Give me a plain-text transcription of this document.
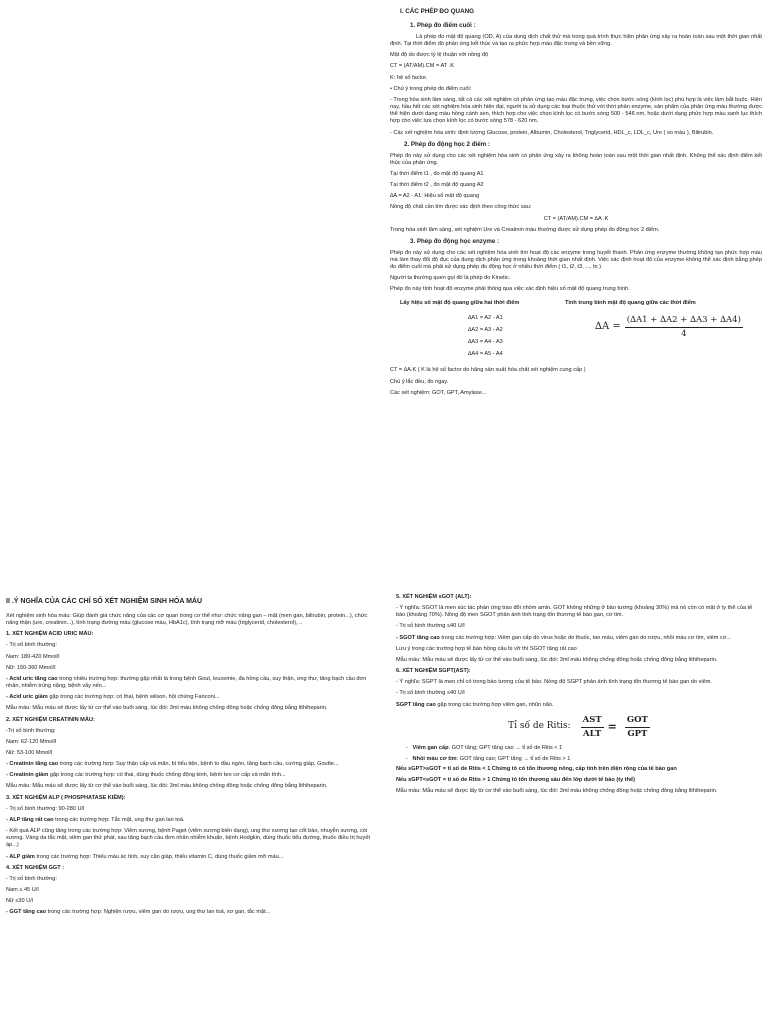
I. CÁC PHÉP ĐO QUANG
1. Phép đo điểm cuối :

Là phép đo mật độ quang (OD, A) của dung dịch chất thử mà trong quá trình thực hiện phản ứng xảy ra hoàn toàn sau một thời gian nhất định. Tại thời điểm đó phản ứng kết thúc và tạo ra phức hợp màu đặc trưng và bền vững.

Mật độ do được tỷ lệ thuận với nồng độ

CT = (AT/AM).CM = AT .K

K: hệ số factor.

• Chú ý trong phép đo điểm cuối:

- Trong hóa sinh lâm sàng, tất cả các xét nghiệm có phản ứng tạo màu đặc trưng, việc chọn bước sóng (kính lọc) phù hợp là việc làm bắt buộc. Hiện nay, hầu hết các xét nghiệm hóa sinh hiện đại, người ta sử dụng các loại thuốc thử với thời phản enzyme, sản phẩm của phản ứng màu thường được thể hiện dưới dạng màu hồng cánh sen, thích hợp cho việc chọn kính lọc có bước sóng 500 - 546 nm, hoặc dưới dạng phức hợp màu xanh lục thích hợp cho việc lựa chọn kính lọc có bước sóng 578 - 620 nm.

- Các xét nghiệm hóa sinh: định lượng Glucose, protein, Albumin, Cholesterol, Triglycerid, HDL_c, LDL_c, Ure ( so màu ), Bilirubin.

2. Phép đo động học 2 điểm :

Phép đo này sử dụng cho các xét nghiệm hóa sinh có phản ứng xảy ra không hoàn toàn sau một thời gian nhất định. Không thể xác định điểm kết thúc của phản ứng.

Tại thời điểm t1 , đo mật độ quang A1

Tại thời điểm t2 , đo mật độ quang A2

∆A = A2 - A1: Hiệu số mật độ quang

Nồng độ chất cần tìm được xác định theo công thức sau:

CT = (AT/AM).CM = ∆A .K

Trong hóa sinh lâm sàng, xét nghiệm Ure và Creatinin máu thường được sử dụng phép đo động học 2 điểm.

3. Phép đo động học enzyme :

Phép đo này sử dụng cho các xét nghiệm hóa sinh tìm hoạt độ các enzyme trong huyết thanh. Phản ứng enzyme thường không tạo phức hợp màu mà làm thay đổi độ đục của dung dịch phản ứng trong khoảng thời gian nhất định. Việc xác định hoạt độ của enzyme không thể xác định bằng phép đo điểm cuối mà phải sử dụng phép đo động học ở nhiều thời điểm ( t1, t2, t3, ..., tn )

Người ta thường quen gọi đó là phép đo Kinetic.

Phép đo này tính hoạt độ enzyme phải thông qua việc xác định hiệu số mật độ quang trung bình.

Lấy hiệu số mật độ quang giữa hai thời điểm
∆A1 = A2 - A1
∆A2 = A3 - A2
∆A3 = A4 - A3
∆A4 = A5 - A4
Tính trung bình mật độ quang giữa các thời điểm
$\Delta A = \frac{(\Delta A1 + \Delta A2 + \Delta A3 + \Delta A4)}{4}$

CT = ∆A.K ( K là hệ số factor do hãng sản xuất hóa chất xét nghiệm cung cấp )

Chú ý lắc đều, đo ngay.

Các xét nghiệm: GOT, GPT, Amylase...

II .Ý NGHĨA CỦA CÁC CHỈ SỐ XÉT NGHIỆM SINH HÓA MÁU

Xét nghiệm sinh hóa máu: Giúp đánh giá chức năng của các cơ quan trong cơ thể như: chức năng gan – mật (men gan, bilirubin, protein...), chức năng thận (ure, creatinin...), tình trạng đường máu (glucose máu, HbA1c), tình trạng mỡ máu (triglycerid, cholesterol), ..

1. XÉT NGHIỆM ACID URIC MÁU:

- Trị số bình thường:

Nam: 180-420 Mmol/l

Nữ: 150-360 Mmol/l

- Acid uric tăng cao trong nhiều trường hợp: thường gặp nhất là trong bệnh Gout, leucemie, đa hồng cầu, suy thận, ưng thư, tăng bạch cầu đơn nhân, nhiễm trùng nặng, bệnh vẩy nến...

- Acid uric giảm gặp trong các trường hợp: có thai, bệnh wilson, hội chứng Fanconi...

Mẫu máu: Mẫu máu sẽ được lấy từ cơ thể vào buổi sáng, lúc đói: 3ml máu không chống đông hoặc chống đông bằng lithiheparin.

2. XÉT NGHIỆM CREATININ MÁU:

-Trị số bình thường:

Nam: 62-120 Mmol/l

Nữ: 53-100 Mmol/l

- Creatinin tăng cao trong các trường hợp: Suy thận cấp và mãn, bí tiểu tiện, bệnh to đầu ngón, tăng bạch cầu, cường giáp, Goutte...

- Creatinin giảm gặp trong các trường hợp: có thai, dùng thuốc chống động kinh, bệnh teo cơ cấp và mãn tính...

Mẫu máu: Mẫu máu sẽ được lấy từ cơ thể vào buổi sáng, lúc đói: 3ml máu không chống đông hoặc chống đông bằng lithiheparin.

3. XÉT NGHIỆM ALP ( PHOSPHATASE KIỀM):

- Trị số bình thường: 90-280 U/l

- ALP tăng rất cao trong các trường hợp: Tắc mật, ung thư gan lan toả.

- Kết quả ALP cũng tăng trong các trường hợp: Viêm xương, bệnh Paget (viêm xương biến dạng), ung thư xương tạo cốt bào, nhuyễn xương, còi xương. Vàng da tắc mật, viêm gan thứ phát, sau tăng bạch cầu đơn nhân nhiễm khuẩn, bệnh Hodgkin, dùng thuốc tiểu đường, thuốc điều trị huyết áp...)

- ALP giảm trong các trường hợp: Thiếu máu ác tính, suy cận giáp, thiếu vitamin C, dùng thuốc giảm mỡ máu...

4. XÉT NGHIỆM GGT :

- Trị số bình thường:

Nam ≤ 45 U/l

Nữ ≤30 U/l

- GGT tăng cao trong các trường hợp: Nghiện rượu, viêm gan do rượu, ung thư lan toả, xơ gan, tắc mật...

5. XÉT NGHIỆM sGOT (ALT):

- Ý nghĩa: SGOT là men xúc tác phản ứng trao đổi nhóm amin. GOT không những ở bào tương (khoảng 30%) mà nó còn có mặt ở ty thể của tế bào (khoảng 70%). Nồng độ men SGOT phản ánh tình trạng tổn thương tế bào gan, cơ tim.

- Trị số bình thường ≤40 U/l

- SGOT tăng cao trong các trường hợp: Viêm gan cấp do virus hoặc do thuốc, tan máu, viêm gan do rượu, nhồi máu cơ tim, viêm cơ...

Lưu ý trong các trường hợp tế bào hồng cầu bị vỡ thì SGOT tăng rất cao

Mẫu máu: Mẫu máu sẽ được lấy từ cơ thể vào buổi sáng, lúc đói: 3ml máu không chống đông hoặc chống đông bằng lithiheparin.

6. XÉT NGHIỆM SGPT(AST):

- Ý nghĩa: SGPT là men chỉ có trong bào tương của tế bào. Nồng độ SGPT phản ánh tình trạng tổn thương tế bào gan do viêm.

- Trị số bình thường ≤40 U/l

SGPT tăng cao gặp trong các trường hợp viêm gan, nhũn não.

Tỉ số de Ritis: $\frac{\text{AST}}{\text{ALT}} = \frac{\text{GOT}}{\text{GPT}}$

-   Viêm gan cấp: GOT tăng; GPT tăng cao → tỉ số de Ritis < 1

-   Nhồi máu cơ tim: GOT tăng cao; GPT tăng → tỉ số de Ritis > 1

Nếu sGPT>sGOT = tỉ số de Ritis < 1 Chứng tỏ có tổn thương nông, cấp tính trên diện rộng của tế bào gan

Nếu sGPT<sGOT = tỉ số de Ritis > 1 Chứng tỏ tổn thương sâu đến lớp dưới tế bào (ty thể)

Mẫu máu: Mẫu máu sẽ được lấy từ cơ thể vào buổi sáng, lúc đói: 3ml máu không chống đông hoặc chống đông bằng lithiheparin.
